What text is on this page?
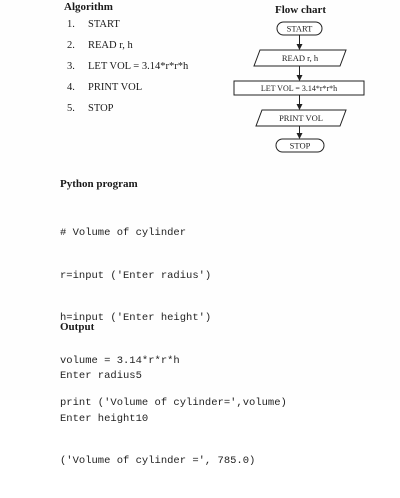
Algorithm
1. START
2. READ r, h
3. LET VOL = 3.14*r*r*h
4. PRINT VOL
5. STOP
Flow chart
START
READ r, h
LET VOL = 3.14*r*r*h
PRINT VOL
STOP
Python program

# Volume of cylinder

r=input ('Enter radius')

h=input ('Enter height')

volume = 3.14*r*r*h

print ('Volume of cylinder=',volume)

Output

Enter radius5

Enter height10

('Volume of cylinder =', 785.0)
